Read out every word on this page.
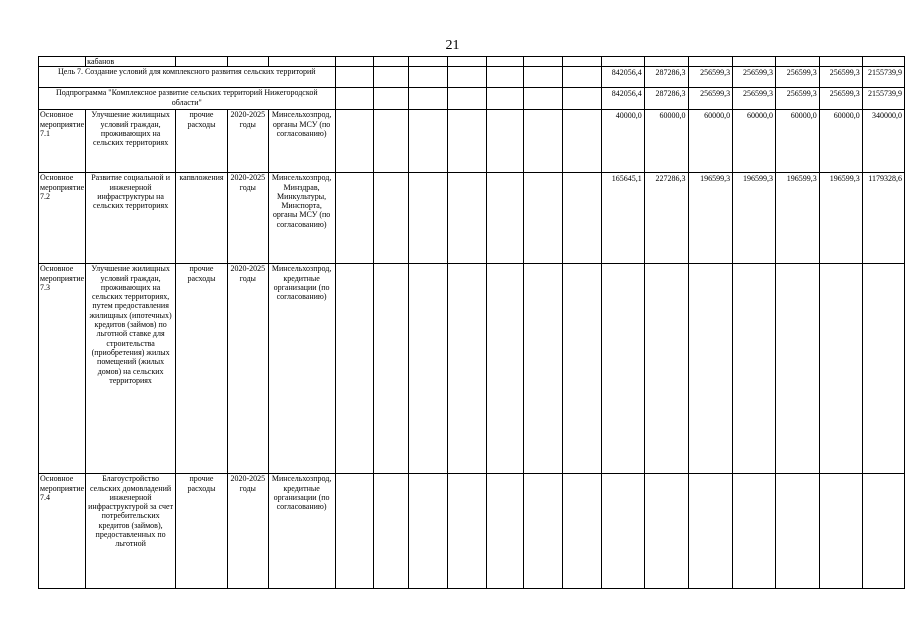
21
	кабанов																	
Цель 7. Создание условий для комплексного развития сельских территорий												842056,4	287286,3	256599,3	256599,3	256599,3	256599,3	2155739,9
Подпрограмма "Комплексное развитие сельских территорий Нижегородской области"												842056,4	287286,3	256599,3	256599,3	256599,3	256599,3	2155739,9
Основное мероприятие 7.1	Улучшение жилищных условий граждан, проживающих на сельских территориях	прочие расходы	2020-2025 годы	Минсельхозпрод, органы МСУ (по согласованию)								40000,0	60000,0	60000,0	60000,0	60000,0	60000,0	340000,0
Основное мероприятие 7.2	Развитие социальной и инженерной инфраструктуры на сельских территориях	капвложения	2020-2025 годы	Минсельхозпрод, Минздрав, Минкультуры, Минспорта, органы МСУ (по согласованию)								165645,1	227286,3	196599,3	196599,3	196599,3	196599,3	1179328,6
Основное мероприятие 7.3	Улучшение жилищных условий граждан, проживающих на сельских территориях, путем предоставления жилищных (ипотечных) кредитов (займов) по льготной ставке для строительства (приобретения) жилых помещений (жилых домов) на сельских территориях	прочие расходы	2020-2025 годы	Минсельхозпрод, кредитные организации (по согласованию)														
Основное мероприятие 7.4	Благоустройство сельских домовладений инженерной инфраструктурой за счет потребительских кредитов (займов), предоставленных по льготной	прочие расходы	2020-2025 годы	Минсельхозпрод, кредитные организации (по согласованию)														
